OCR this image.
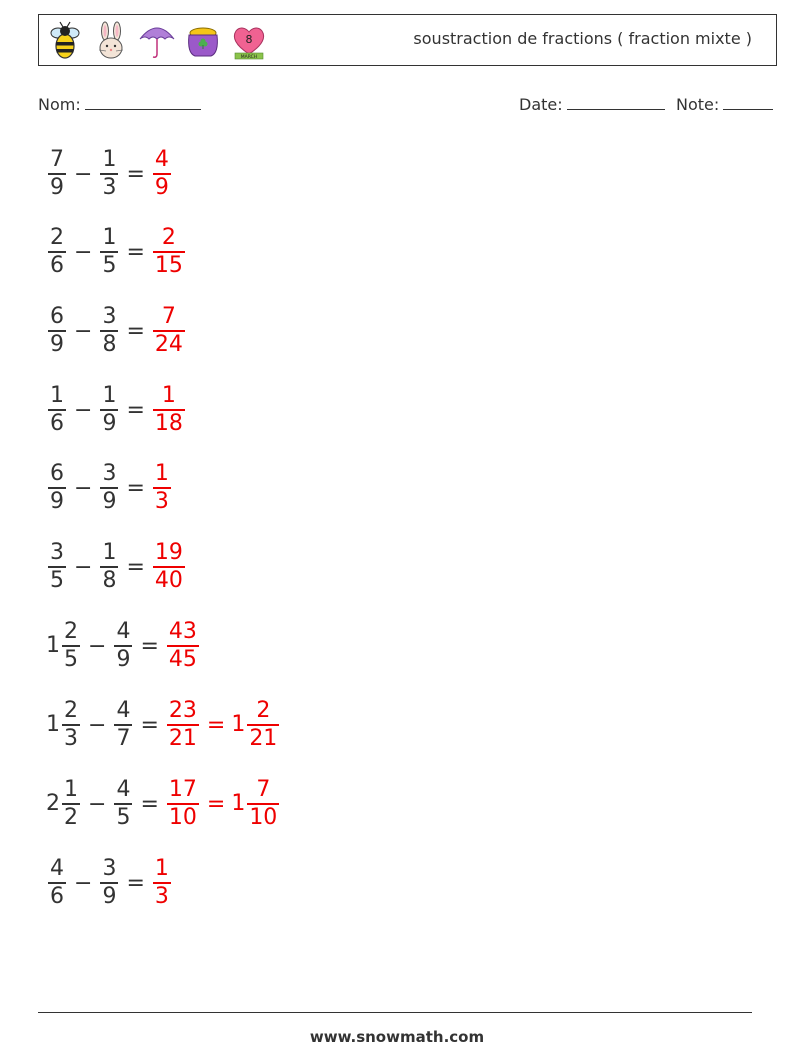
8
MARCH
soustraction de fractions ( fraction mixte )
Nom:	Date:	Note:
$\frac{7}{9} - \frac{1}{3} = \frac{4}{9}$
$\frac{2}{6} - \frac{1}{5} = \frac{2}{15}$
$\frac{6}{9} - \frac{3}{8} = \frac{7}{24}$
$\frac{1}{6} - \frac{1}{9} = \frac{1}{18}$
$\frac{6}{9} - \frac{3}{9} = \frac{1}{3}$
$\frac{3}{5} - \frac{1}{8} = \frac{19}{40}$
$1 \frac{2}{5} - \frac{4}{9} = \frac{43}{45}$
$1 \frac{2}{3} - \frac{4}{7} = \frac{23}{21} = 1 \frac{2}{21}$
$2 \frac{1}{2} - \frac{4}{5} = \frac{17}{10} = 1 \frac{7}{10}$
$\frac{4}{6} - \frac{3}{9} = \frac{1}{3}$
www.snowmath.com
